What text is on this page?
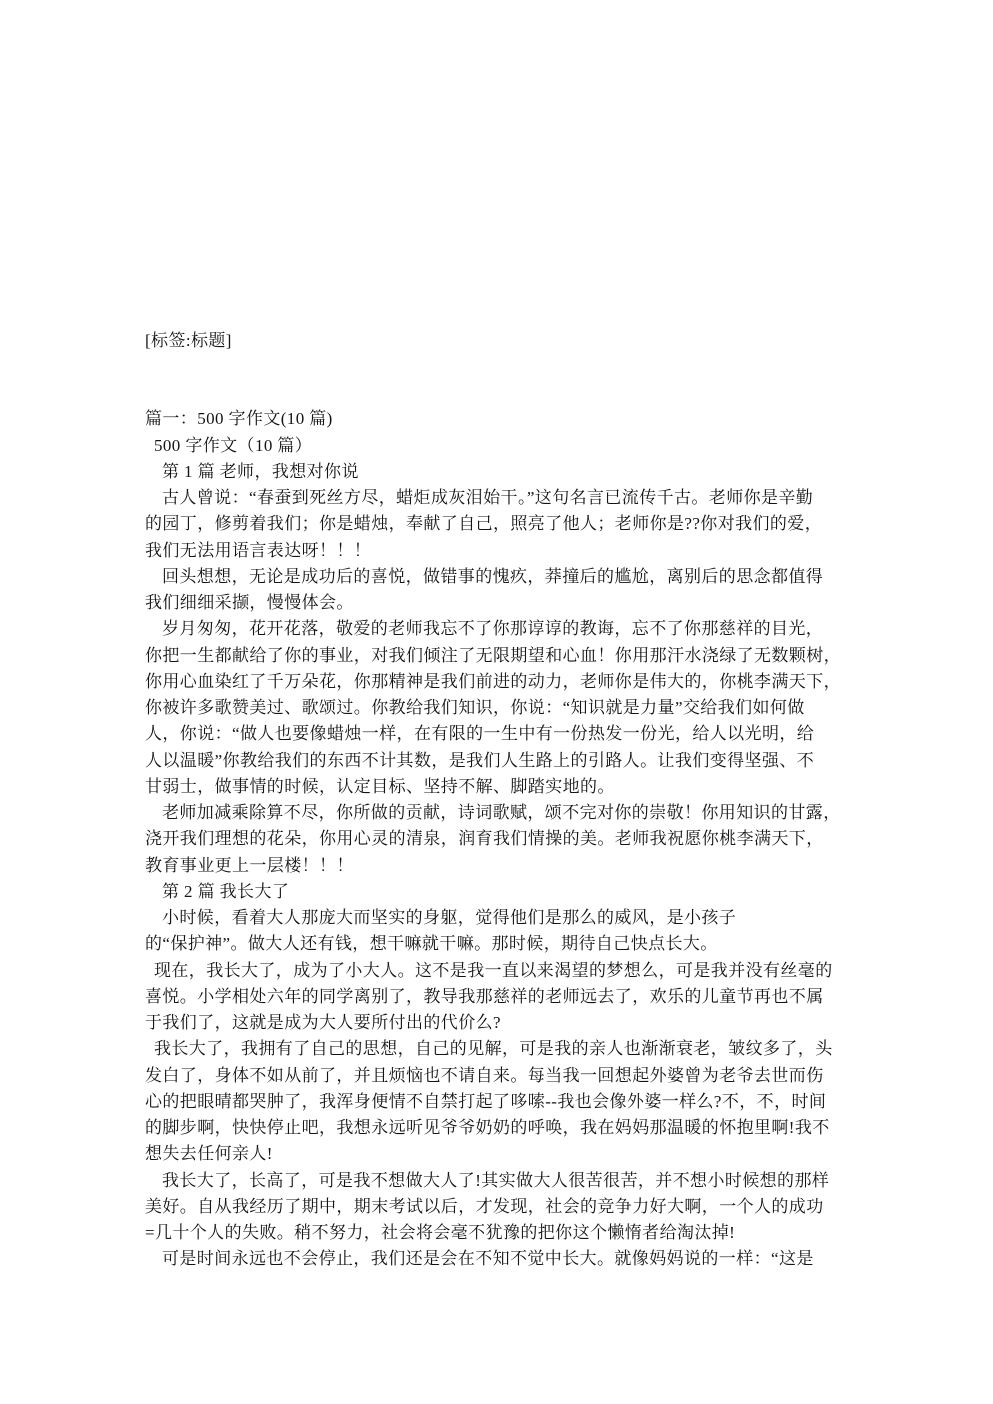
[标签:标题]
篇一：500 字作文(10 篇)
500 字作文（10 篇）
第 1 篇 老师，我想对你说
古人曾说：“春蚕到死丝方尽，蜡炬成灰泪始干。”这句名言已流传千古。老师你是辛勤
的园丁，修剪着我们；你是蜡烛，奉献了自己，照亮了他人；老师你是??你对我们的爱，
我们无法用语言表达呀！！！
回头想想，无论是成功后的喜悦，做错事的愧疚，莽撞后的尴尬，离别后的思念都值得
我们细细采撷，慢慢体会。
岁月匆匆，花开花落，敬爱的老师我忘不了你那谆谆的教诲，忘不了你那慈祥的目光，
你把一生都献给了你的事业，对我们倾注了无限期望和心血！你用那汗水浇绿了无数颗树，
你用心血染红了千万朵花，你那精神是我们前进的动力，老师你是伟大的，你桃李满天下，
你被许多歌赞美过、歌颂过。你教给我们知识，你说：“知识就是力量”交给我们如何做
人，你说：“做人也要像蜡烛一样，在有限的一生中有一份热发一份光，给人以光明，给
人以温暖”你教给我们的东西不计其数，是我们人生路上的引路人。让我们变得坚强、不
甘弱士，做事情的时候，认定目标、坚持不解、脚踏实地的。
老师加减乘除算不尽，你所做的贡献，诗词歌赋，颂不完对你的崇敬！你用知识的甘露，
浇开我们理想的花朵，你用心灵的清泉，润育我们情操的美。老师我祝愿你桃李满天下，
教育事业更上一层楼！！！
第 2 篇 我长大了
小时候，看着大人那庞大而坚实的身躯，觉得他们是那么的威风，是小孩子
的“保护神”。做大人还有钱，想干嘛就干嘛。那时候，期待自己快点长大。
现在，我长大了，成为了小大人。这不是我一直以来渴望的梦想么，可是我并没有丝毫的
喜悦。小学相处六年的同学离别了，教导我那慈祥的老师远去了，欢乐的儿童节再也不属
于我们了，这就是成为大人要所付出的代价么?
我长大了，我拥有了自己的思想，自己的见解，可是我的亲人也渐渐衰老，皱纹多了，头
发白了，身体不如从前了，并且烦恼也不请自来。每当我一回想起外婆曾为老爷去世而伤
心的把眼晴都哭肿了，我浑身便情不自禁打起了哆嗦--我也会像外婆一样么?不，不，时间
的脚步啊，快快停止吧，我想永远听见爷爷奶奶的呼唤，我在妈妈那温暖的怀抱里啊!我不
想失去任何亲人!
我长大了，长高了，可是我不想做大人了!其实做大人很苦很苦，并不想小时候想的那样
美好。自从我经历了期中，期末考试以后，才发现，社会的竞争力好大啊，一个人的成功
=几十个人的失败。稍不努力，社会将会毫不犹豫的把你这个懒惰者给淘汰掉!
可是时间永远也不会停止，我们还是会在不知不觉中长大。就像妈妈说的一样：“这是
